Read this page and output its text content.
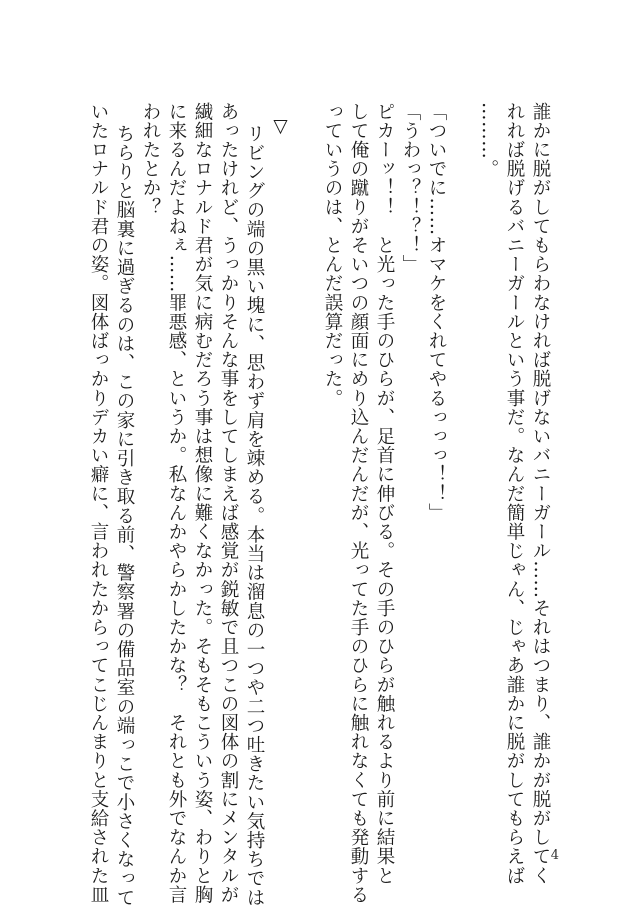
誰かに脱がしてもらわなければ脱げないバニーガール……それはつまり、誰かが脱がしてく
れれば脱げるバニーガールという事だ。なんだ簡単じゃん、じゃあ誰かに脱がしてもらえば
………。
「ついでに……オマケをくれてやるっっっ！！」
「うわっ？！？！」
ピカーッ！！　と光った手のひらが、足首に伸びる。その手のひらが触れるより前に結果と
して俺の蹴りがそいつの顔面にめり込んだんだが、光ってた手のひらに触れなくても発動する
っていうのは、とんだ誤算だった。
▽
リビングの端の黒い塊に、思わず肩を竦める。本当は溜息の一つや二つ吐きたい気持ちでは
あったけれど、うっかりそんな事をしてしまえば感覚が鋭敏で且つこの図体の割にメンタルが
繊細なロナルド君が気に病むだろう事は想像に難くなかった。そもそもこういう姿、わりと胸
に来るんだよねぇ……罪悪感、というか。私なんかやらかしたかな？　それとも外でなんか言
われたとか？
ちらりと脳裏に過ぎるのは、この家に引き取る前、警察署の備品室の端っこで小さくなって
いたロナルド君の姿。図体ばっかりデカい癖に、言われたからってこじんまりと支給された皿	4
